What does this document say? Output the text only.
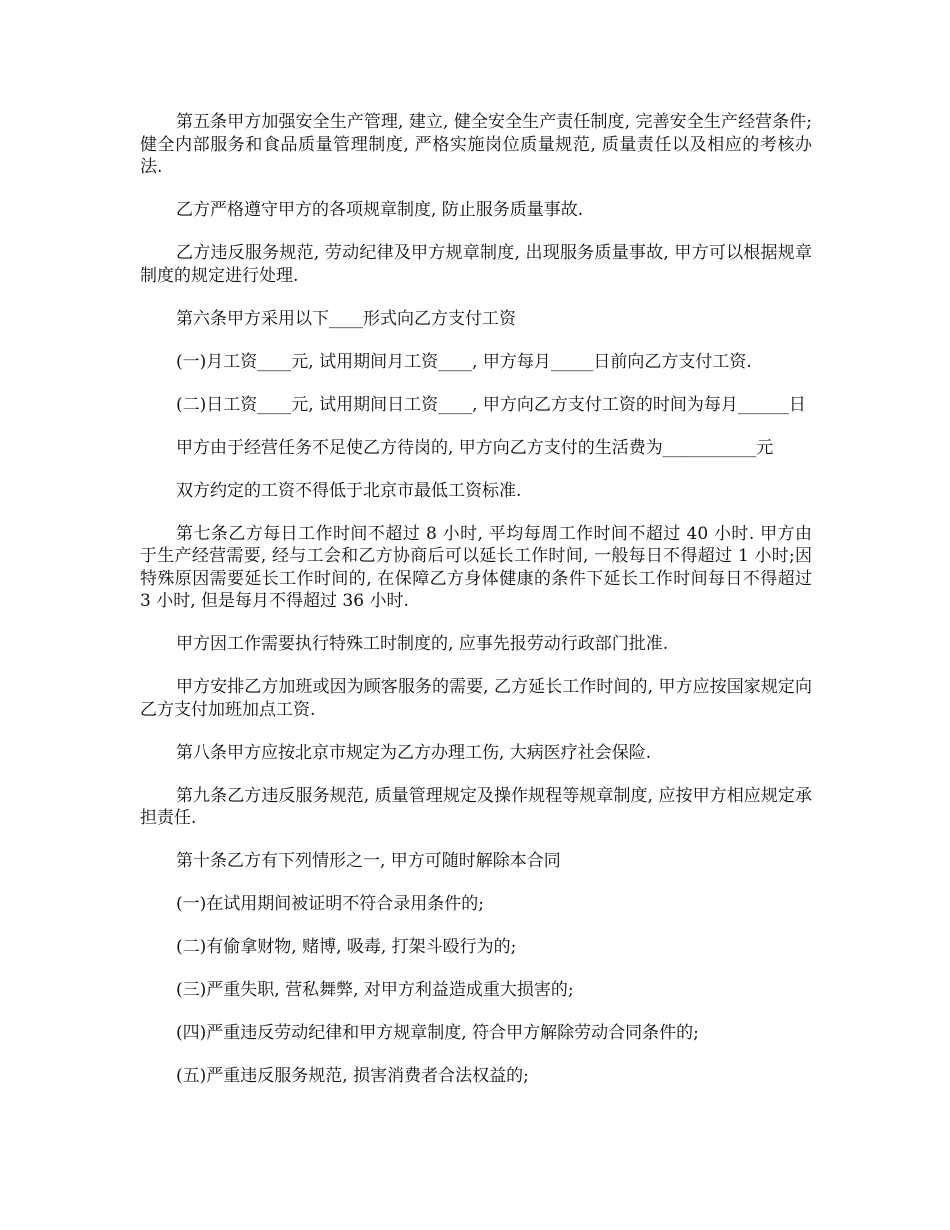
第五条甲方加强安全生产管理, 建立, 健全安全生产责任制度, 完善安全生产经营条件;健全内部服务和食品质量管理制度, 严格实施岗位质量规范, 质量责任以及相应的考核办法.

乙方严格遵守甲方的各项规章制度, 防止服务质量事故.

乙方违反服务规范, 劳动纪律及甲方规章制度, 出现服务质量事故, 甲方可以根据规章制度的规定进行处理.

第六条甲方采用以下____形式向乙方支付工资

(一)月工资____元, 试用期间月工资____, 甲方每月_____日前向乙方支付工资.

(二)日工资____元, 试用期间日工资____, 甲方向乙方支付工资的时间为每月______日

甲方由于经营任务不足使乙方待岗的, 甲方向乙方支付的生活费为___________元

双方约定的工资不得低于北京市最低工资标准.

第七条乙方每日工作时间不超过 8 小时, 平均每周工作时间不超过 40 小时. 甲方由于生产经营需要, 经与工会和乙方协商后可以延长工作时间, 一般每日不得超过 1 小时;因特殊原因需要延长工作时间的, 在保障乙方身体健康的条件下延长工作时间每日不得超过 3 小时, 但是每月不得超过 36 小时.

甲方因工作需要执行特殊工时制度的, 应事先报劳动行政部门批准.

甲方安排乙方加班或因为顾客服务的需要, 乙方延长工作时间的, 甲方应按国家规定向乙方支付加班加点工资.

第八条甲方应按北京市规定为乙方办理工伤, 大病医疗社会保险.

第九条乙方违反服务规范, 质量管理规定及操作规程等规章制度, 应按甲方相应规定承担责任.

第十条乙方有下列情形之一, 甲方可随时解除本合同

(一)在试用期间被证明不符合录用条件的;

(二)有偷拿财物, 赌博, 吸毒, 打架斗殴行为的;

(三)严重失职, 营私舞弊, 对甲方利益造成重大损害的;

(四)严重违反劳动纪律和甲方规章制度, 符合甲方解除劳动合同条件的;

(五)严重违反服务规范, 损害消费者合法权益的;
